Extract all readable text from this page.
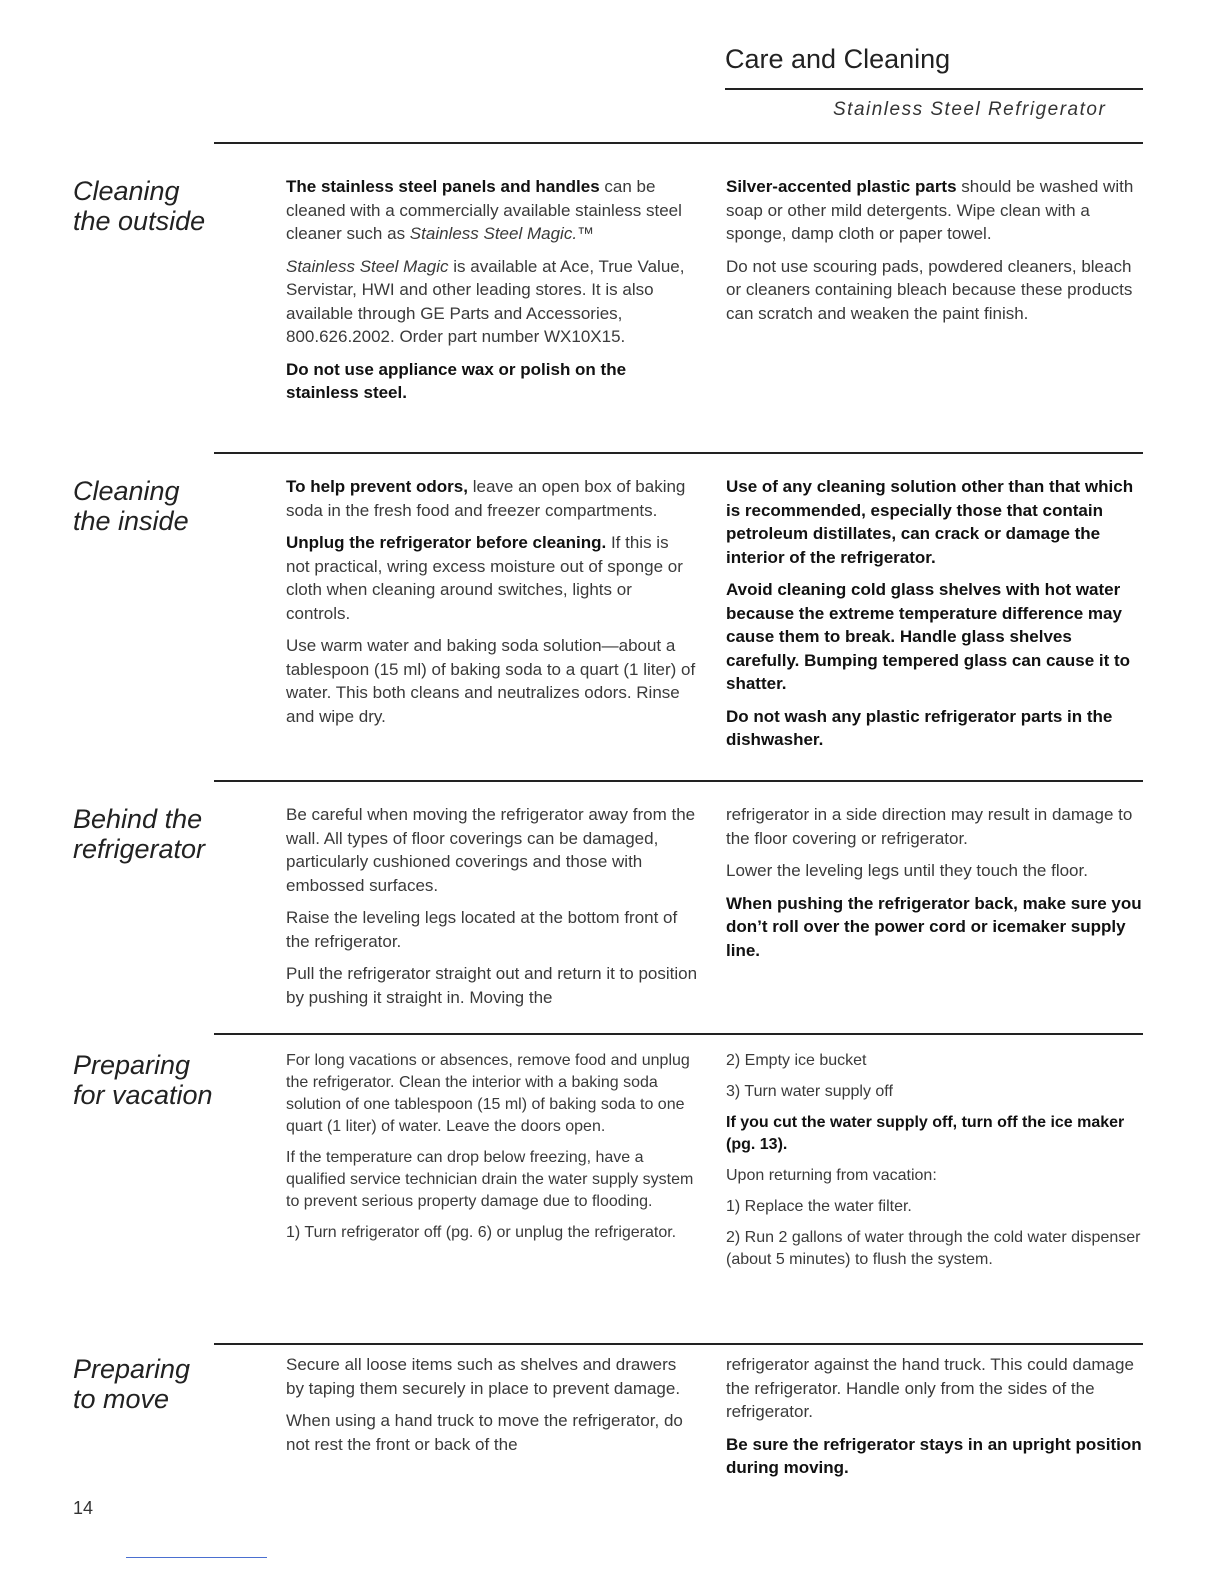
Care and Cleaning
Stainless Steel Refrigerator
Cleaning
the outside

The stainless steel panels and handles can be cleaned with a commercially available stainless steel cleaner such as Stainless Steel Magic.™

Stainless Steel Magic is available at Ace, True Value, Servistar, HWI and other leading stores. It is also available through GE Parts and Accessories, 800.626.2002. Order part number WX10X15.

Do not use appliance wax or polish on the stainless steel.

Silver-accented plastic parts should be washed with soap or other mild detergents. Wipe clean with a sponge, damp cloth or paper towel.

Do not use scouring pads, powdered cleaners, bleach or cleaners containing bleach because these products can scratch and weaken the paint finish.

Cleaning
the inside

To help prevent odors, leave an open box of baking soda in the fresh food and freezer compartments.

Unplug the refrigerator before cleaning. If this is not practical, wring excess moisture out of sponge or cloth when cleaning around switches, lights or controls.

Use warm water and baking soda solution—about a tablespoon (15 ml) of baking soda to a quart (1 liter) of water. This both cleans and neutralizes odors. Rinse and wipe dry.

Use of any cleaning solution other than that which is recommended, especially those that contain petroleum distillates, can crack or damage the interior of the refrigerator.

Avoid cleaning cold glass shelves with hot water because the extreme temperature difference may cause them to break. Handle glass shelves carefully. Bumping tempered glass can cause it to shatter.

Do not wash any plastic refrigerator parts in the dishwasher.

Behind the
refrigerator

Be careful when moving the refrigerator away from the wall. All types of floor coverings can be damaged, particularly cushioned coverings and those with embossed surfaces.

Raise the leveling legs located at the bottom front of the refrigerator.

Pull the refrigerator straight out and return it to position by pushing it straight in. Moving the

refrigerator in a side direction may result in damage to the floor covering or refrigerator.

Lower the leveling legs until they touch the floor.

When pushing the refrigerator back, make sure you don’t roll over the power cord or icemaker supply line.

Preparing
for vacation

For long vacations or absences, remove food and unplug the refrigerator. Clean the interior with a baking soda solution of one tablespoon (15 ml) of baking soda to one quart (1 liter) of water. Leave the doors open.

If the temperature can drop below freezing, have a qualified service technician drain the water supply system to prevent serious property damage due to flooding.

1) Turn refrigerator off (pg. 6) or unplug the refrigerator.

2) Empty ice bucket

3) Turn water supply off

If you cut the water supply off, turn off the ice maker (pg. 13).

Upon returning from vacation:

1) Replace the water filter.

2) Run 2 gallons of water through the cold water dispenser (about 5 minutes) to flush the system.

Preparing
to move

Secure all loose items such as shelves and drawers by taping them securely in place to prevent damage.

When using a hand truck to move the refrigerator, do not rest the front or back of the

refrigerator against the hand truck. This could damage the refrigerator. Handle only from the sides of the refrigerator.

Be sure the refrigerator stays in an upright position during moving.

14
